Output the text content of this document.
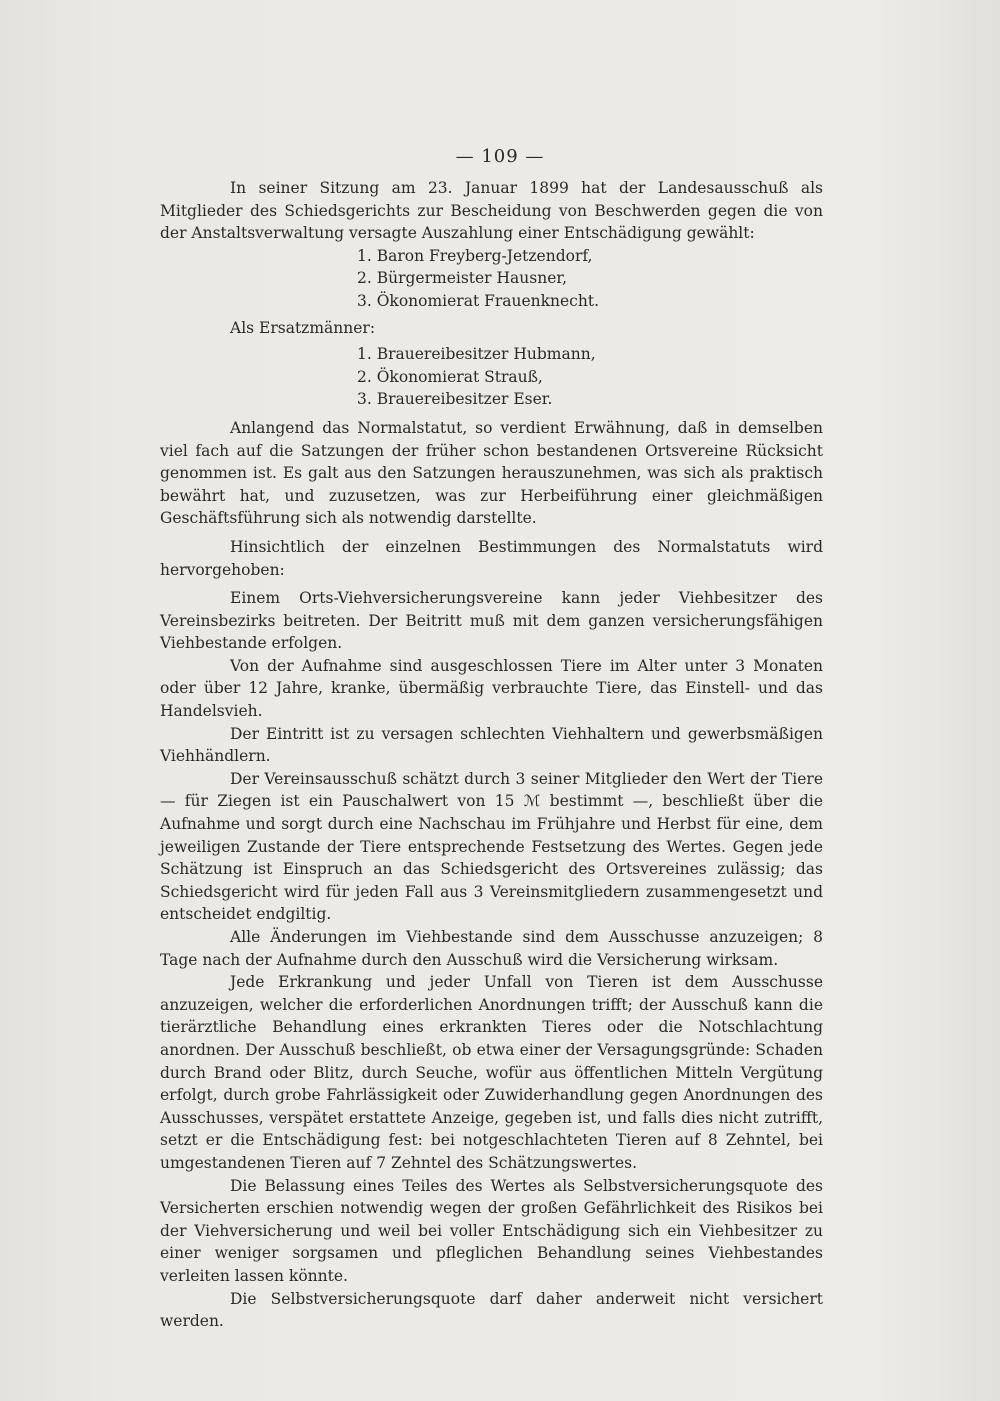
— 109 —

In seiner Sitzung am 23. Januar 1899 hat der Landesausschuß als Mitglieder des Schiedsgerichts zur Bescheidung von Beschwerden gegen die von der Anstaltsverwaltung versagte Auszahlung einer Entschädigung gewählt:

1. Baron Freyberg-Jetzendorf,
2. Bürgermeister Hausner,
3. Ökonomierat Frauenknecht.

Als Ersatzmänner:

1. Brauereibesitzer Hubmann,
2. Ökonomierat Strauß,
3. Brauereibesitzer Eser.

Anlangend das Normalstatut, so verdient Erwähnung, daß in demselben viel fach auf die Satzungen der früher schon bestandenen Ortsvereine Rücksicht genommen ist. Es galt aus den Satzungen herauszunehmen, was sich als praktisch bewährt hat, und zuzusetzen, was zur Herbeiführung einer gleichmäßigen Geschäftsführung sich als notwendig darstellte.

Hinsichtlich der einzelnen Bestimmungen des Normalstatuts wird hervorgehoben:

Einem Orts-Viehversicherungsvereine kann jeder Viehbesitzer des Vereinsbezirks beitreten. Der Beitritt muß mit dem ganzen versicherungsfähigen Viehbestande erfolgen.

Von der Aufnahme sind ausgeschlossen Tiere im Alter unter 3 Monaten oder über 12 Jahre, kranke, übermäßig verbrauchte Tiere, das Einstell- und das Handelsvieh.

Der Eintritt ist zu versagen schlechten Viehhaltern und gewerbsmäßigen Viehhändlern.

Der Vereinsausschuß schätzt durch 3 seiner Mitglieder den Wert der Tiere — für Ziegen ist ein Pauschalwert von 15 ℳ bestimmt —, beschließt über die Aufnahme und sorgt durch eine Nachschau im Frühjahre und Herbst für eine, dem jeweiligen Zustande der Tiere entsprechende Festsetzung des Wertes. Gegen jede Schätzung ist Einspruch an das Schiedsgericht des Ortsvereines zulässig; das Schiedsgericht wird für jeden Fall aus 3 Vereinsmitgliedern zusammengesetzt und entscheidet endgiltig.

Alle Änderungen im Viehbestande sind dem Ausschusse anzuzeigen; 8 Tage nach der Aufnahme durch den Ausschuß wird die Versicherung wirksam.

Jede Erkrankung und jeder Unfall von Tieren ist dem Ausschusse anzuzeigen, welcher die erforderlichen Anordnungen trifft; der Ausschuß kann die tierärztliche Behandlung eines erkrankten Tieres oder die Notschlachtung anordnen. Der Ausschuß beschließt, ob etwa einer der Versagungsgründe: Schaden durch Brand oder Blitz, durch Seuche, wofür aus öffentlichen Mitteln Vergütung erfolgt, durch grobe Fahrlässigkeit oder Zuwiderhandlung gegen Anordnungen des Ausschusses, verspätet erstattete Anzeige, gegeben ist, und falls dies nicht zutrifft, setzt er die Entschädigung fest: bei notgeschlachteten Tieren auf 8 Zehntel, bei umgestandenen Tieren auf 7 Zehntel des Schätzungswertes.

Die Belassung eines Teiles des Wertes als Selbstversicherungsquote des Versicherten erschien notwendig wegen der großen Gefährlichkeit des Risikos bei der Viehversicherung und weil bei voller Entschädigung sich ein Viehbesitzer zu einer weniger sorgsamen und pfleglichen Behandlung seines Viehbestandes verleiten lassen könnte.

Die Selbstversicherungsquote darf daher anderweit nicht versichert werden.
